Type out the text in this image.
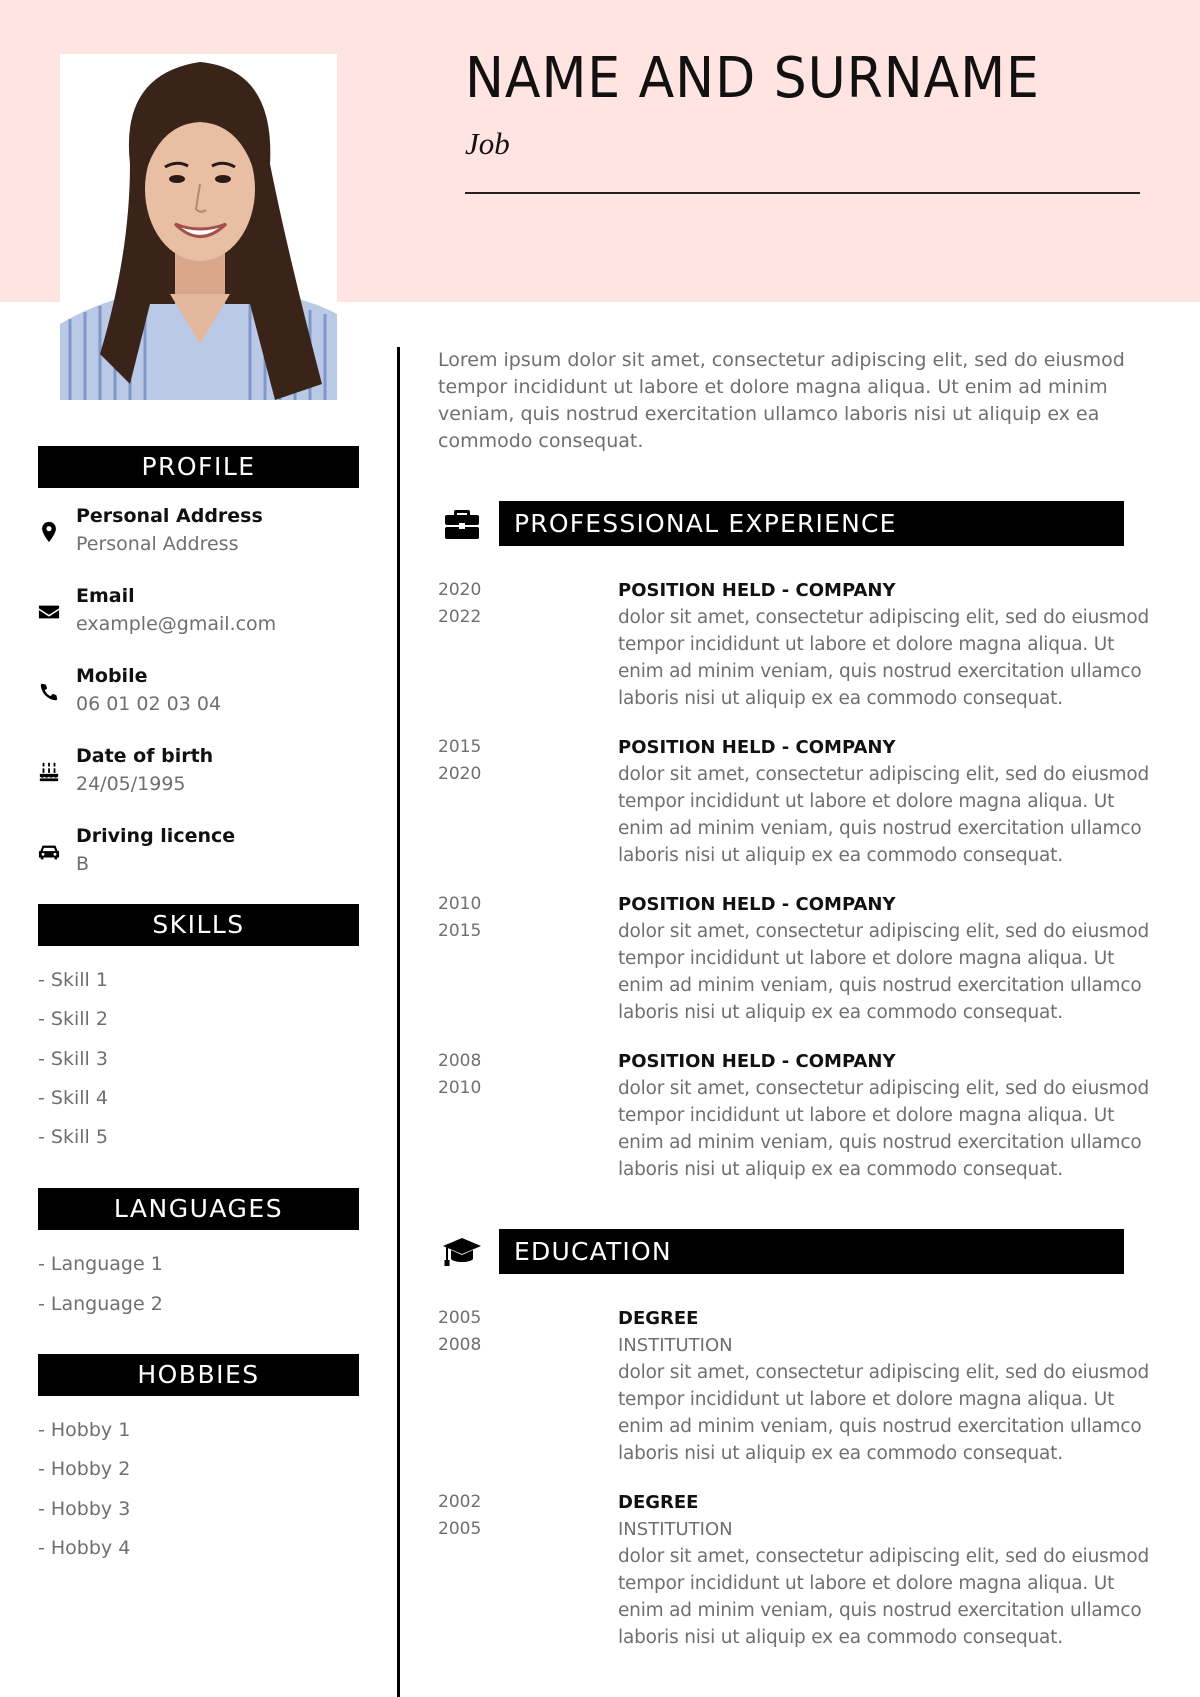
NAME AND SURNAME
Job
PROFILE
Personal Address
Personal Address
Email
example@gmail.com
Mobile
06 01 02 03 04
Date of birth
24/05/1995
Driving licence
B
SKILLS
- Skill 1
- Skill 2
- Skill 3
- Skill 4
- Skill 5
LANGUAGES
- Language 1
- Language 2
HOBBIES
- Hobby 1
- Hobby 2
- Hobby 3
- Hobby 4
Lorem ipsum dolor sit amet, consectetur adipiscing elit, sed do eiusmod tempor incididunt ut labore et dolore magna aliqua. Ut enim ad minim veniam, quis nostrud exercitation ullamco laboris nisi ut aliquip ex ea commodo consequat.
PROFESSIONAL EXPERIENCE
2020
2022
POSITION HELD - COMPANY
dolor sit amet, consectetur adipiscing elit, sed do eiusmod tempor incididunt ut labore et dolore magna aliqua. Ut enim ad minim veniam, quis nostrud exercitation ullamco laboris nisi ut aliquip ex ea commodo consequat.
2015
2020
POSITION HELD - COMPANY
dolor sit amet, consectetur adipiscing elit, sed do eiusmod tempor incididunt ut labore et dolore magna aliqua. Ut enim ad minim veniam, quis nostrud exercitation ullamco laboris nisi ut aliquip ex ea commodo consequat.
2010
2015
POSITION HELD - COMPANY
dolor sit amet, consectetur adipiscing elit, sed do eiusmod tempor incididunt ut labore et dolore magna aliqua. Ut enim ad minim veniam, quis nostrud exercitation ullamco laboris nisi ut aliquip ex ea commodo consequat.
2008
2010
POSITION HELD - COMPANY
dolor sit amet, consectetur adipiscing elit, sed do eiusmod tempor incididunt ut labore et dolore magna aliqua. Ut enim ad minim veniam, quis nostrud exercitation ullamco laboris nisi ut aliquip ex ea commodo consequat.
EDUCATION
2005
2008
DEGREE
INSTITUTION
dolor sit amet, consectetur adipiscing elit, sed do eiusmod tempor incididunt ut labore et dolore magna aliqua. Ut enim ad minim veniam, quis nostrud exercitation ullamco laboris nisi ut aliquip ex ea commodo consequat.
2002
2005
DEGREE
INSTITUTION
dolor sit amet, consectetur adipiscing elit, sed do eiusmod tempor incididunt ut labore et dolore magna aliqua. Ut enim ad minim veniam, quis nostrud exercitation ullamco laboris nisi ut aliquip ex ea commodo consequat.
